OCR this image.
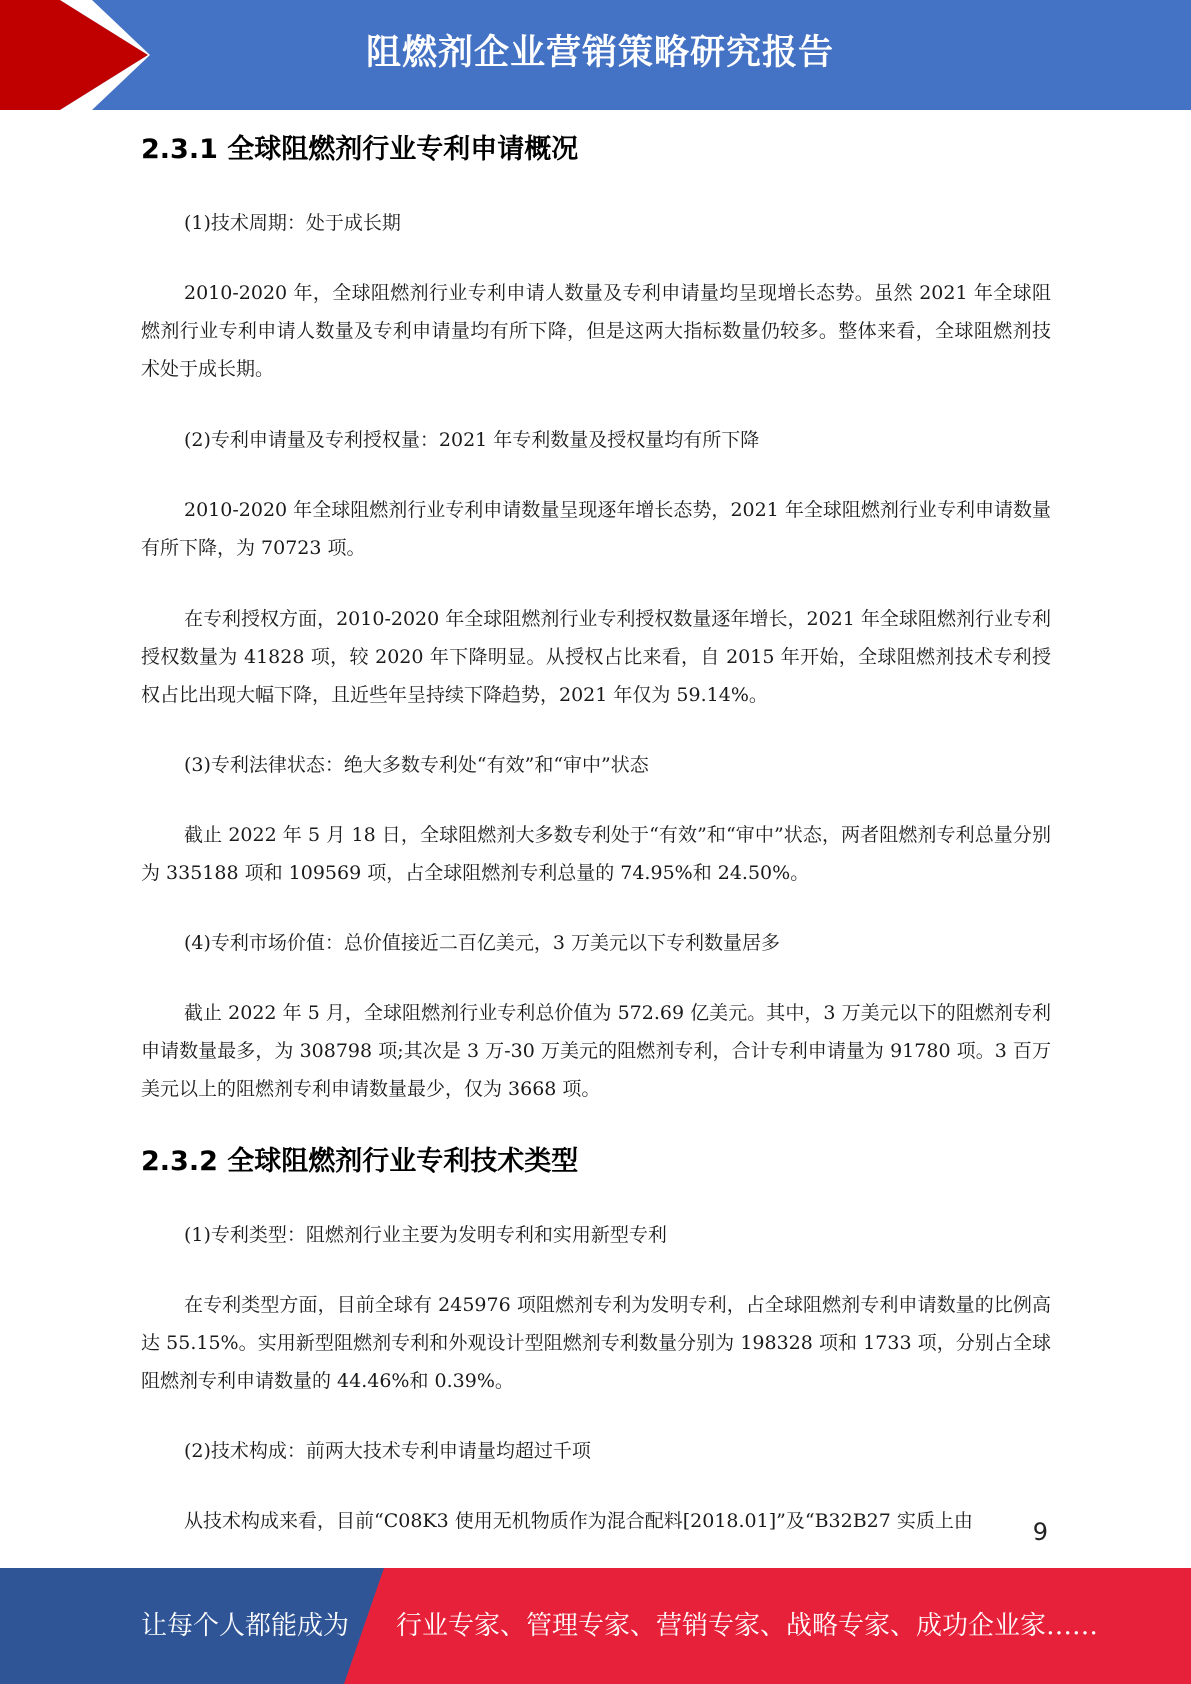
阻燃剂企业营销策略研究报告
2.3.1 全球阻燃剂行业专利申请概况

(1)技术周期：处于成长期

2010-2020 年，全球阻燃剂行业专利申请人数量及专利申请量均呈现增长态势。虽然 2021 年全球阻燃剂行业专利申请人数量及专利申请量均有所下降，但是这两大指标数量仍较多。整体来看，全球阻燃剂技术处于成长期。

(2)专利申请量及专利授权量：2021 年专利数量及授权量均有所下降

2010-2020 年全球阻燃剂行业专利申请数量呈现逐年增长态势，2021 年全球阻燃剂行业专利申请数量有所下降，为 70723 项。

在专利授权方面，2010-2020 年全球阻燃剂行业专利授权数量逐年增长，2021 年全球阻燃剂行业专利授权数量为 41828 项，较 2020 年下降明显。从授权占比来看，自 2015 年开始，全球阻燃剂技术专利授权占比出现大幅下降，且近些年呈持续下降趋势，2021 年仅为 59.14%。

(3)专利法律状态：绝大多数专利处“有效”和“审中”状态

截止 2022 年 5 月 18 日，全球阻燃剂大多数专利处于“有效”和“审中”状态，两者阻燃剂专利总量分别为 335188 项和 109569 项，占全球阻燃剂专利总量的 74.95%和 24.50%。

(4)专利市场价值：总价值接近二百亿美元，3 万美元以下专利数量居多

截止 2022 年 5 月，全球阻燃剂行业专利总价值为 572.69 亿美元。其中，3 万美元以下的阻燃剂专利申请数量最多，为 308798 项;其次是 3 万-30 万美元的阻燃剂专利，合计专利申请量为 91780 项。3 百万美元以上的阻燃剂专利申请数量最少，仅为 3668 项。

2.3.2 全球阻燃剂行业专利技术类型

(1)专利类型：阻燃剂行业主要为发明专利和实用新型专利

在专利类型方面，目前全球有 245976 项阻燃剂专利为发明专利，占全球阻燃剂专利申请数量的比例高达 55.15%。实用新型阻燃剂专利和外观设计型阻燃剂专利数量分别为 198328 项和 1733 项，分别占全球阻燃剂专利申请数量的 44.46%和 0.39%。

(2)技术构成：前两大技术专利申请量均超过千项

从技术构成来看，目前“C08K3 使用无机物质作为混合配料[2018.01]”及“B32B27 实质上由	9
让每个人都能成为 行业专家、管理专家、营销专家、战略专家、成功企业家……
